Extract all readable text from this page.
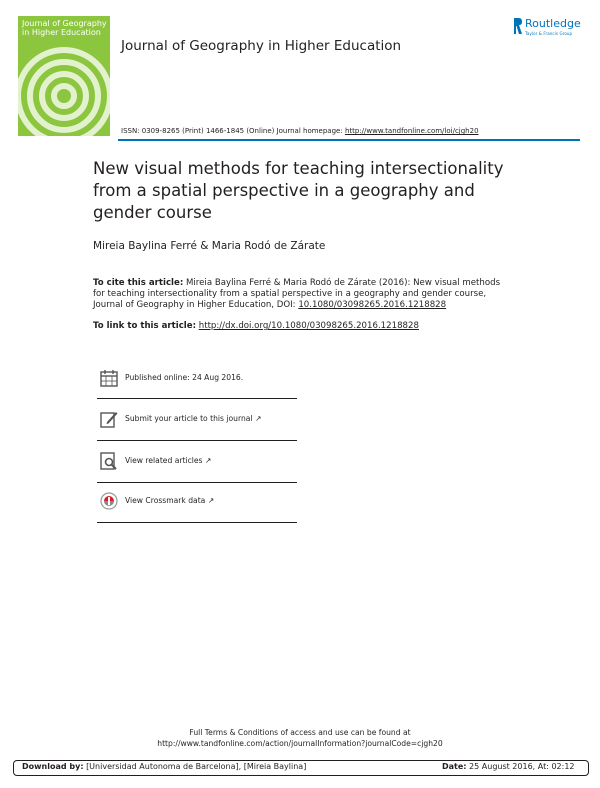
Journal of Geography in Higher Education
Journal of Geography in Higher Education
Routledge
Taylor & Francis Group
ISSN: 0309-8265 (Print) 1466-1845 (Online) Journal homepage: http://www.tandfonline.com/loi/cjgh20
New visual methods for teaching intersectionality from a spatial perspective in a geography and gender course
Mireia Baylina Ferré & Maria Rodó de Zárate
To cite this article: Mireia Baylina Ferré & Maria Rodó de Zárate (2016): New visual methods for teaching intersectionality from a spatial perspective in a geography and gender course, Journal of Geography in Higher Education, DOI: 10.1080/03098265.2016.1218828
To link to this article: http://dx.doi.org/10.1080/03098265.2016.1218828
Published online: 24 Aug 2016.
Submit your article to this journal ↗
View related articles ↗
View Crossmark data ↗
Full Terms & Conditions of access and use can be found at
http://www.tandfonline.com/action/journalInformation?journalCode=cjgh20
Download by: [Universidad Autonoma de Barcelona], [Mireia Baylina]	Date: 25 August 2016, At: 02:12
